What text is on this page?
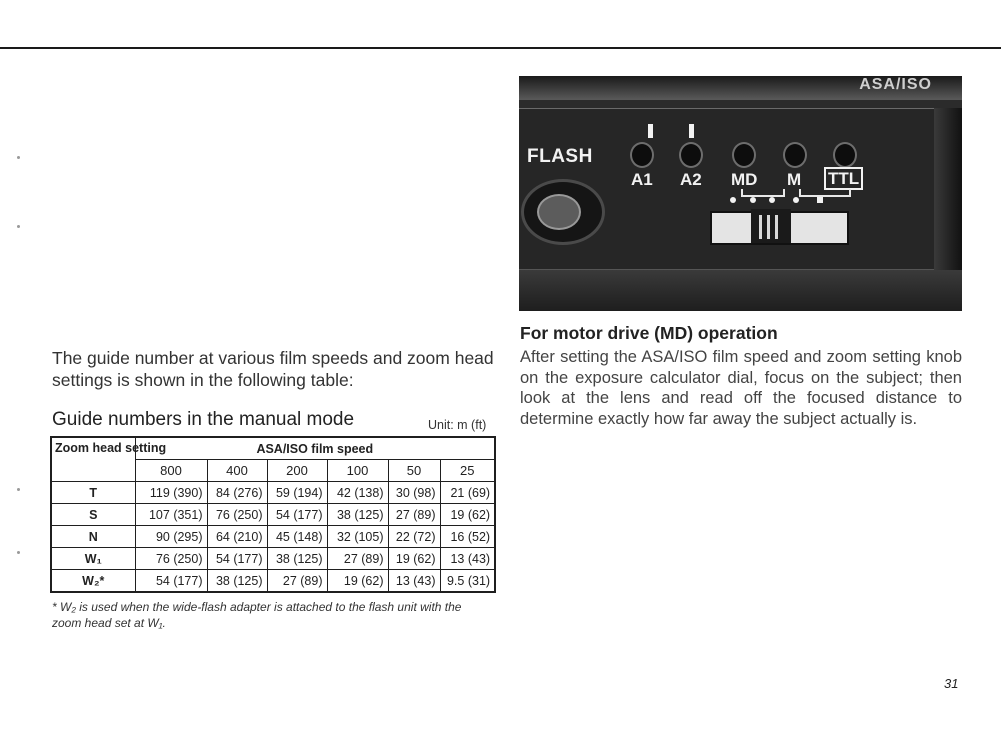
The guide number at various film speeds and zoom head settings is shown in the following table:

Guide numbers in the manual mode	Unit: m (ft)
Zoom head setting	ASA/ISO film speed					
	800	400	200	100	50	25
T	119 (390)	84 (276)	59 (194)	42 (138)	30 (98)	21 (69)
S	107 (351)	76 (250)	54 (177)	38 (125)	27 (89)	19 (62)
N	90 (295)	64 (210)	45 (148)	32 (105)	22 (72)	16 (52)
W₁	76 (250)	54 (177)	38 (125)	27 (89)	19 (62)	13 (43)
W₂*	54 (177)	38 (125)	27 (89)	19 (62)	13 (43)	9.5 (31)

* W₂ is used when the wide-flash adapter is attached to the flash unit with the zoom head set at W₁.

ASA/ISO
FLASH
A1 A2 MD M TTL

For motor drive (MD) operation

After setting the ASA/ISO film speed and zoom setting knob on the exposure calculator dial, focus on the subject; then look at the lens and read off the focused distance to determine exactly how far away the subject actually is.

31
